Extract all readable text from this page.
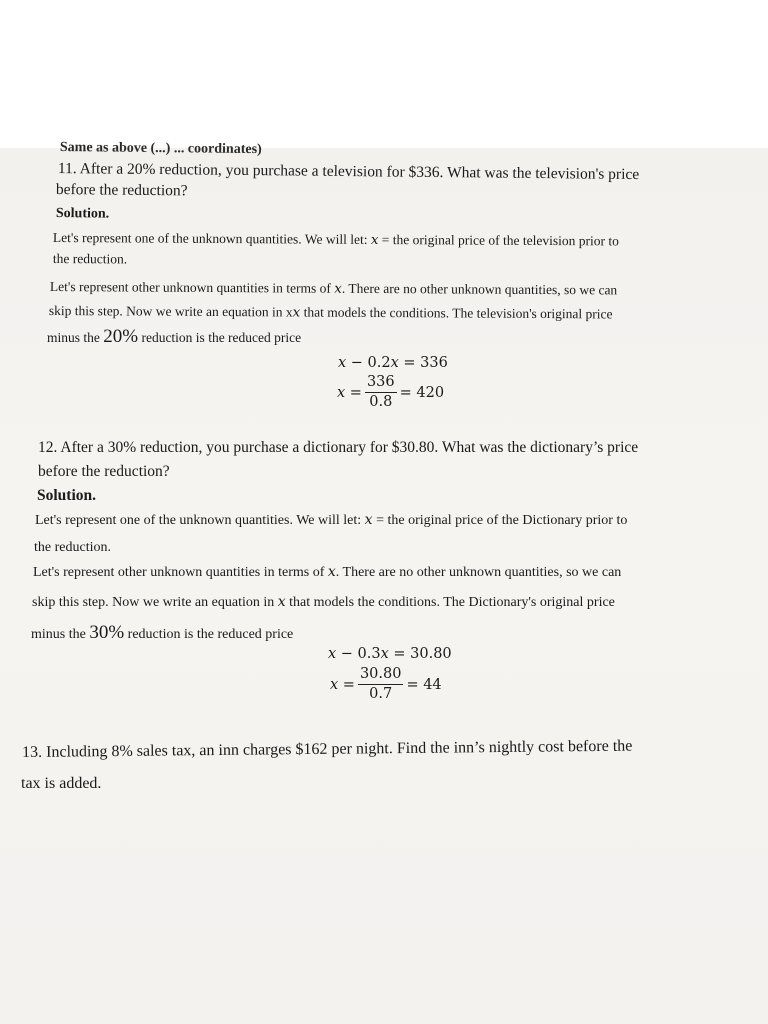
Same as above (...) ... coordinates)
11. After a 20% reduction, you purchase a television for $336. What was the television's price
before the reduction?
Solution.
Let's represent one of the unknown quantities. We will let: 𝑥 = the original price of the television prior to
the reduction.
Let's represent other unknown quantities in terms of 𝑥. There are no other unknown quantities, so we can
skip this step. Now we write an equation in x𝑥 that models the conditions. The television's original price
minus the 20% reduction is the reduced price
𝑥 − 0.2𝑥 = 336
𝑥 = $\frac{336}{0.8} = 420$
12. After a 30% reduction, you purchase a dictionary for $30.80. What was the dictionary’s price
before the reduction?
Solution.
Let's represent one of the unknown quantities. We will let: 𝑥 = the original price of the Dictionary prior to
the reduction.
Let's represent other unknown quantities in terms of 𝑥. There are no other unknown quantities, so we can
skip this step. Now we write an equation in 𝑥 that models the conditions. The Dictionary's original price
minus the 30% reduction is the reduced price
𝑥 − 0.3𝑥 = 30.80
𝑥 = $\frac{30.80}{0.7} = 44$
13. Including 8% sales tax, an inn charges $162 per night. Find the inn’s nightly cost before the
tax is added.
